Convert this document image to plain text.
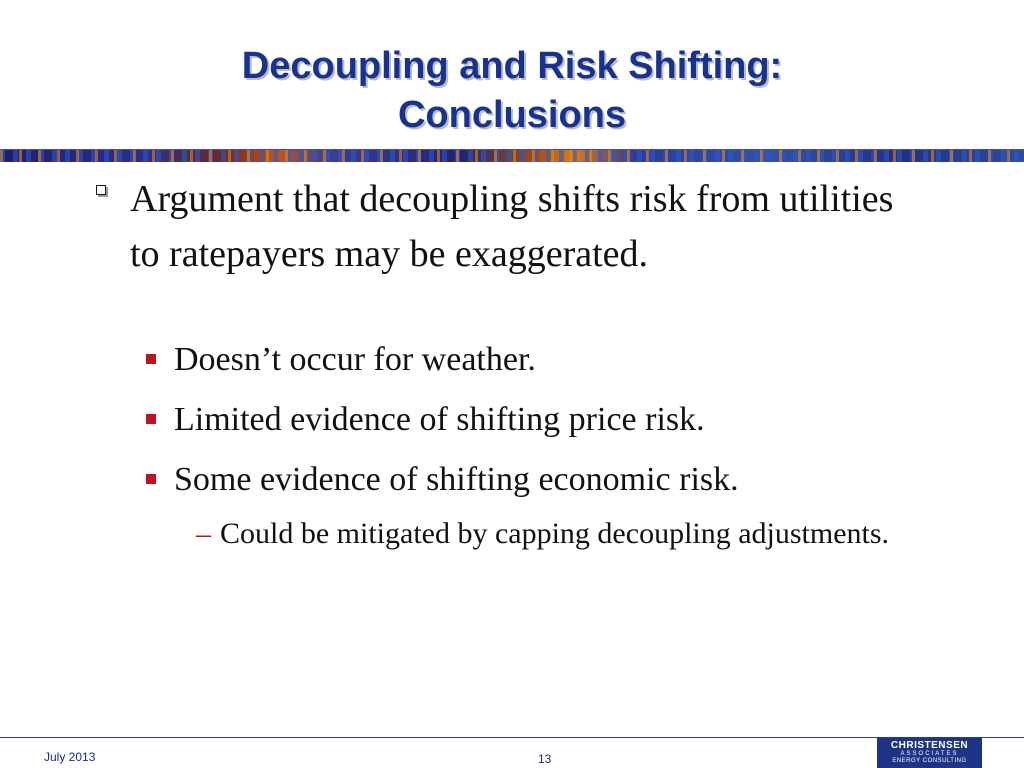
Decoupling and Risk Shifting:
Conclusions
Argument that decoupling shifts risk from utilities to ratepayers may be exaggerated.
Doesn’t occur for weather.
Limited evidence of shifting price risk.
Some evidence of shifting economic risk.
– Could be mitigated by capping decoupling adjustments.
July 2013	13
CHRISTENSEN
ASSOCIATES
ENERGY CONSULTING
